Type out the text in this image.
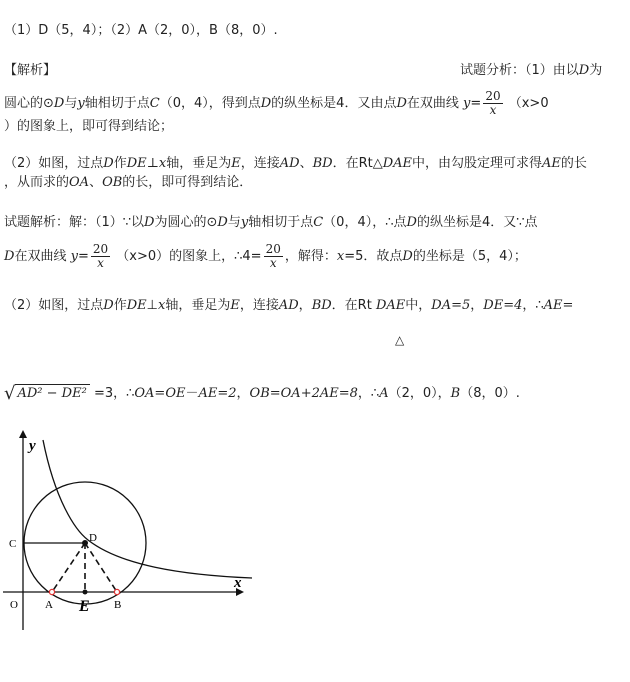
（1）D（5，4）；（2）A（2，0），B（8，0）.
【解析】	试题分析：（1）由以D为
圆心的⊙D与y轴相切于点C（0，4），得到点D的纵坐标是4．又由点D在双曲线 $y= \frac{20}{x} (x>0$
）的图象上，即可得到结论；
（2）如图，过点D作DE⊥x轴，垂足为E，连接AD、BD．在Rt△DAE中，由勾股定理可求得AE的长
，从而求的OA、OB的长，即可得到结论．
试题解析：解：（1）∵以D为圆心的⊙D与y轴相切于点C（0，4），∴点D的纵坐标是4．又∵点
D在双曲线 $y= \frac{20}{x} (x>0)$的图象上，∴4= $\frac{20}{x}$ ，解得：x=5．故点D的坐标是（5，4）；
（2）如图，过点D作DE⊥x轴，垂足为E，连接AD，BD．在Rt DAE中，DA=5，DE=4，∴AE=
△
√ AD² − DE² =3，∴OA=OE－AE=2，OB=OA+2AE=8，∴A（2，0），B（8，0）.
y
x
C	D
O A E B
